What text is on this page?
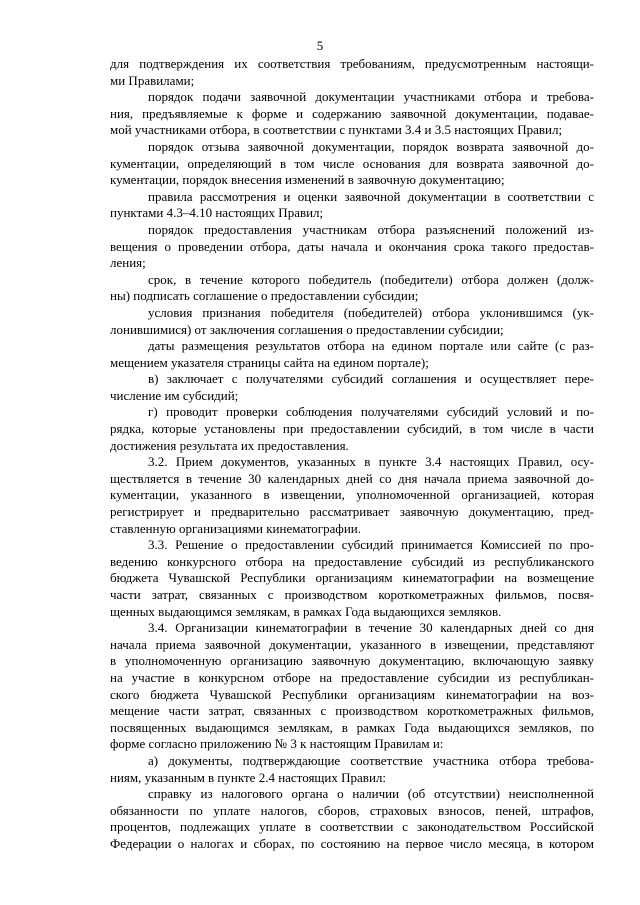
5
для подтверждения их соответствия требованиям, предусмотренным настоящи-
ми Правилами;
порядок подачи заявочной документации участниками отбора и требова-
ния, предъявляемые к форме и содержанию заявочной документации, подавае-
мой участниками отбора, в соответствии с пунктами 3.4 и 3.5 настоящих Правил;
порядок отзыва заявочной документации, порядок возврата заявочной до-
кументации, определяющий в том числе основания для возврата заявочной до-
кументации, порядок внесения изменений в заявочную документацию;
правила рассмотрения и оценки заявочной документации в соответствии с
пунктами 4.3–4.10 настоящих Правил;
порядок предоставления участникам отбора разъяснений положений из-
вещения о проведении отбора, даты начала и окончания срока такого предостав-
ления;
срок, в течение которого победитель (победители) отбора должен (долж-
ны) подписать соглашение о предоставлении субсидии;
условия признания победителя (победителей) отбора уклонившимся (ук-
лонившимися) от заключения соглашения о предоставлении субсидии;
даты размещения результатов отбора на едином портале или сайте (с раз-
мещением указателя страницы сайта на едином портале);
в) заключает с получателями субсидий соглашения и осуществляет пере-
числение им субсидий;
г) проводит проверки соблюдения получателями субсидий условий и по-
рядка, которые установлены при предоставлении субсидий, в том числе в части
достижения результата их предоставления.
3.2. Прием документов, указанных в пункте 3.4 настоящих Правил, осу-
ществляется в течение 30 календарных дней со дня начала приема заявочной до-
кументации, указанного в извещении, уполномоченной организацией, которая
регистрирует и предварительно рассматривает заявочную документацию, пред-
ставленную организациями кинематографии.
3.3. Решение о предоставлении субсидий принимается Комиссией по про-
ведению конкурсного отбора на предоставление субсидий из республиканского
бюджета Чувашской Республики организациям кинематографии на возмещение
части затрат, связанных с производством короткометражных фильмов, посвя-
щенных выдающимся землякам, в рамках Года выдающихся земляков.
3.4. Организации кинематографии в течение 30 календарных дней со дня
начала приема заявочной документации, указанного в извещении, представляют
в уполномоченную организацию заявочную документацию, включающую заявку
на участие в конкурсном отборе на предоставление субсидии из республикан-
ского бюджета Чувашской Республики организациям кинематографии на воз-
мещение части затрат, связанных с производством короткометражных фильмов,
посвященных выдающимся землякам, в рамках Года выдающихся земляков, по
форме согласно приложению № 3 к настоящим Правилам и:
а) документы, подтверждающие соответствие участника отбора требова-
ниям, указанным в пункте 2.4 настоящих Правил:
справку из налогового органа о наличии (об отсутствии) неисполненной
обязанности по уплате налогов, сборов, страховых взносов, пеней, штрафов,
процентов, подлежащих уплате в соответствии с законодательством Российской
Федерации о налогах и сборах, по состоянию на первое число месяца, в котором
